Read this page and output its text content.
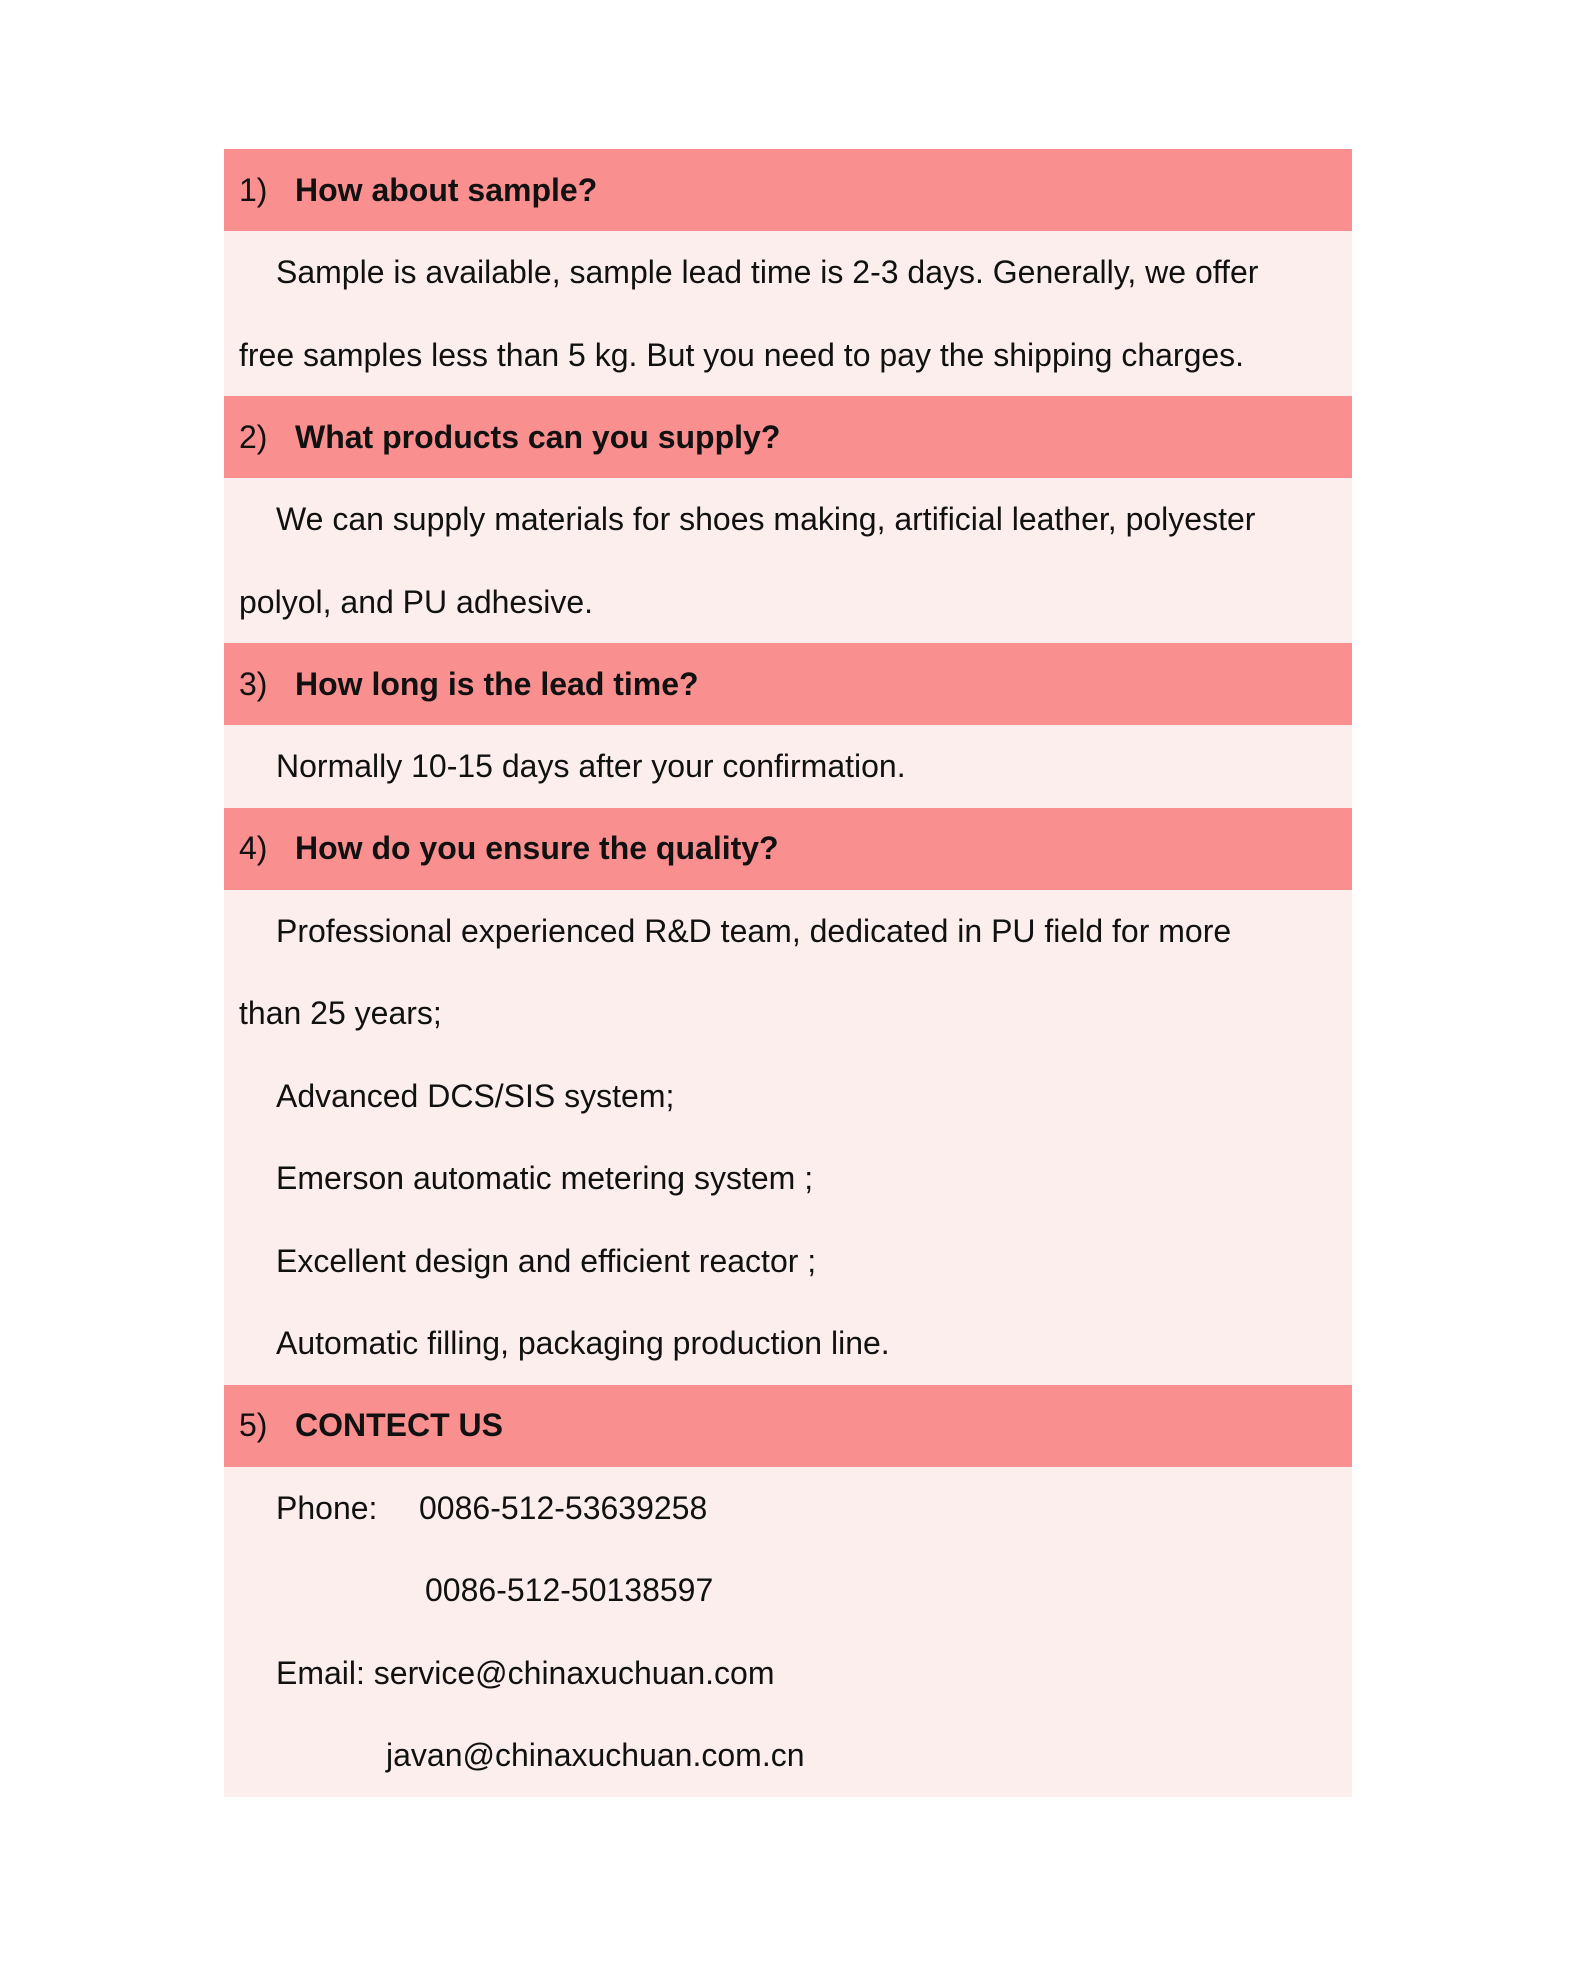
1) How about sample?
Sample is available, sample lead time is 2-3 days. Generally, we offer
free samples less than 5 kg. But you need to pay the shipping charges.
2) What products can you supply?
We can supply materials for shoes making, artificial leather, polyester
polyol, and PU adhesive.
3) How long is the lead time?
Normally 10-15 days after your confirmation.
4) How do you ensure the quality?
Professional experienced R&D team, dedicated in PU field for more
than 25 years;
Advanced DCS/SIS system;
Emerson automatic metering system ;
Excellent design and efficient reactor ;
Automatic filling, packaging production line.
5) CONTECT US
Phone: 0086-512-53639258
0086-512-50138597
Email: service@chinaxuchuan.com
javan@chinaxuchuan.com.cn
